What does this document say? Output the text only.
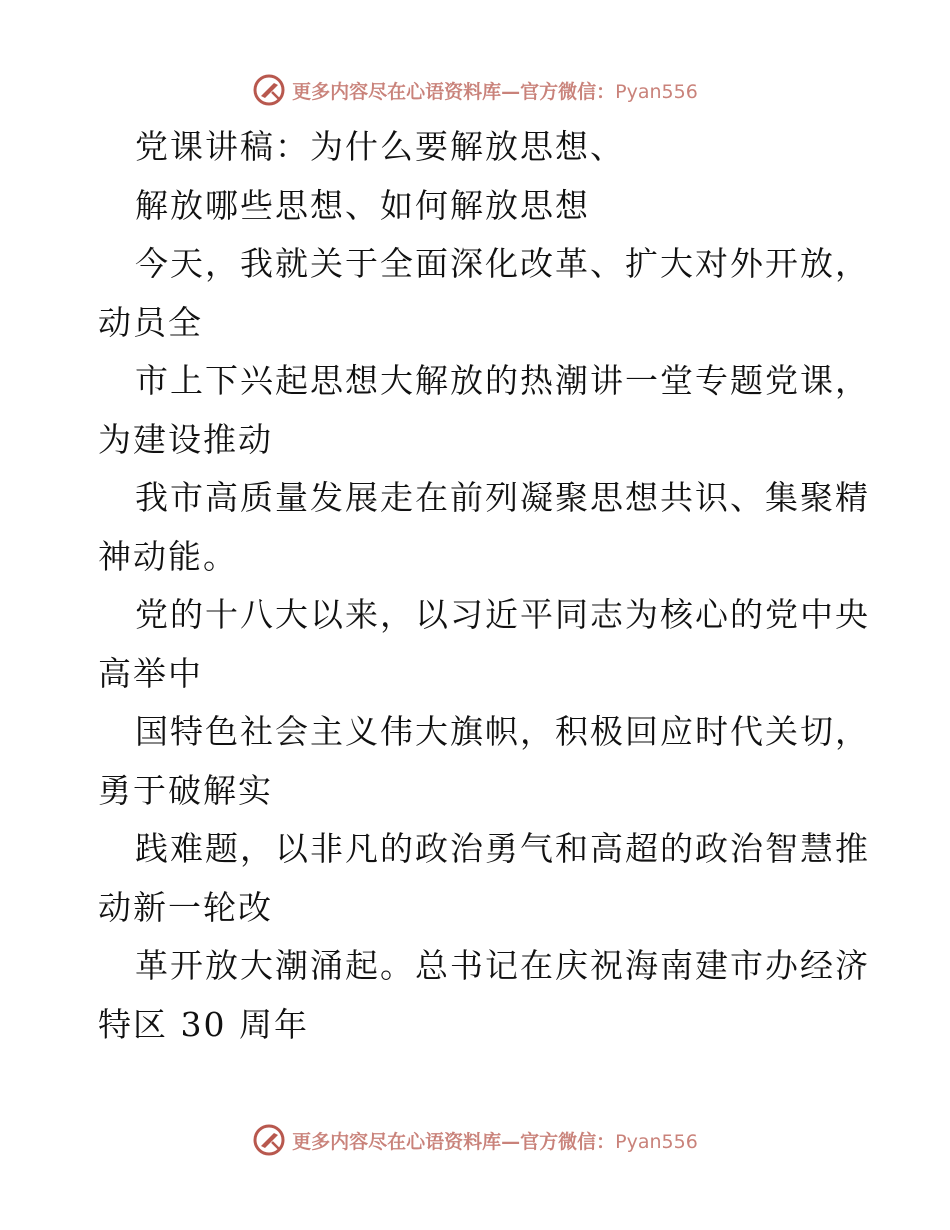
更多内容尽在心语资料库—官方微信：Pyan556
党课讲稿：为什么要解放思想、
解放哪些思想、如何解放思想
今天，我就关于全面深化改革、扩大对外开放，
动员全
市上下兴起思想大解放的热潮讲一堂专题党课，
为建设推动
我市高质量发展走在前列凝聚思想共识、集聚精
神动能。
党的十八大以来，以习近平同志为核心的党中央
高举中
国特色社会主义伟大旗帜，积极回应时代关切，
勇于破解实
践难题，以非凡的政治勇气和高超的政治智慧推
动新一轮改
革开放大潮涌起。总书记在庆祝海南建市办经济
特区 30 周年
更多内容尽在心语资料库—官方微信：Pyan556
